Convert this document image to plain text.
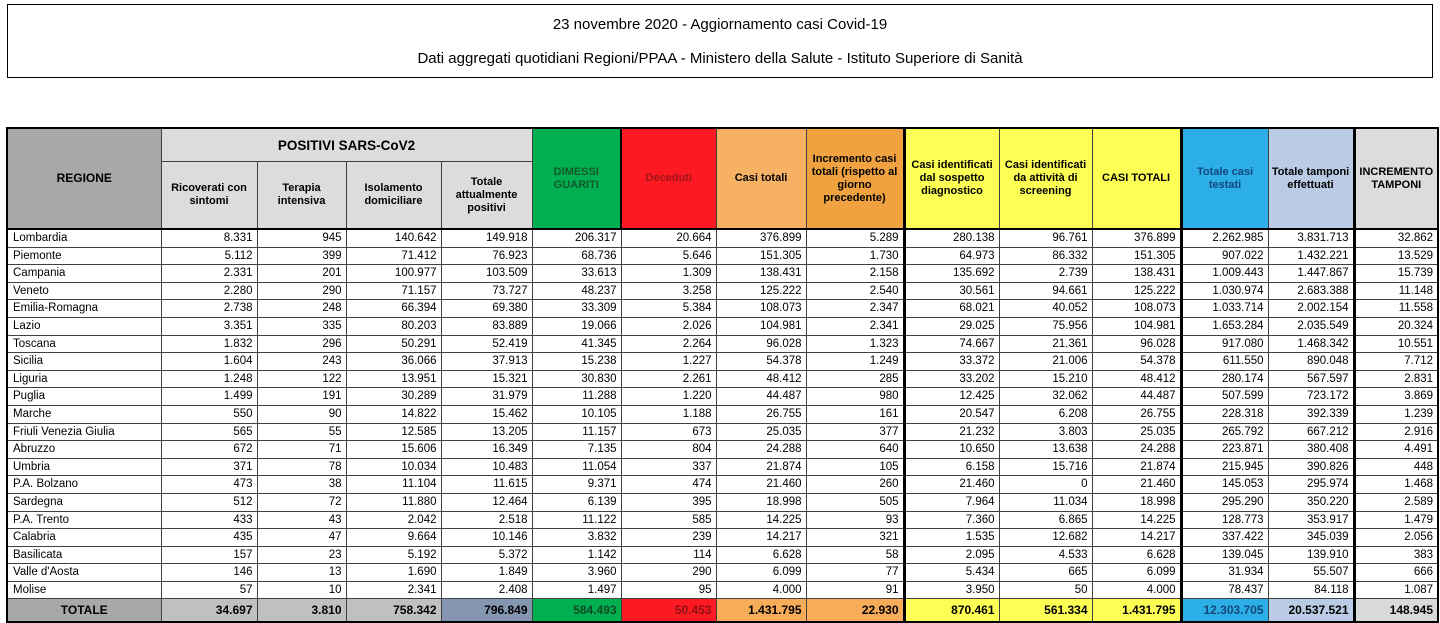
23 novembre 2020 - Aggiornamento casi Covid-19
Dati aggregati quotidiani Regioni/PPAA - Ministero della Salute - Istituto Superiore di Sanità
REGIONE	POSITIVI SARS-CoV2				DIMESSI GUARITI	Deceduti	Casi totali	Incremento casi totali (rispetto al giorno precedente)	Casi identificati dal sospetto diagnostico	Casi identificati da attività di screening	CASI TOTALI	Totale casi testati	Totale tamponi effettuati	INCREMENTO TAMPONI
	Ricoverati con sintomi	Terapia intensiva	Isolamento domiciliare	Totale attualmente positivi										
Lombardia	8.331	945	140.642	149.918	206.317	20.664	376.899	5.289	280.138	96.761	376.899	2.262.985	3.831.713	32.862
Piemonte	5.112	399	71.412	76.923	68.736	5.646	151.305	1.730	64.973	86.332	151.305	907.022	1.432.221	13.529
Campania	2.331	201	100.977	103.509	33.613	1.309	138.431	2.158	135.692	2.739	138.431	1.009.443	1.447.867	15.739
Veneto	2.280	290	71.157	73.727	48.237	3.258	125.222	2.540	30.561	94.661	125.222	1.030.974	2.683.388	11.148
Emilia-Romagna	2.738	248	66.394	69.380	33.309	5.384	108.073	2.347	68.021	40.052	108.073	1.033.714	2.002.154	11.558
Lazio	3.351	335	80.203	83.889	19.066	2.026	104.981	2.341	29.025	75.956	104.981	1.653.284	2.035.549	20.324
Toscana	1.832	296	50.291	52.419	41.345	2.264	96.028	1.323	74.667	21.361	96.028	917.080	1.468.342	10.551
Sicilia	1.604	243	36.066	37.913	15.238	1.227	54.378	1.249	33.372	21.006	54.378	611.550	890.048	7.712
Liguria	1.248	122	13.951	15.321	30.830	2.261	48.412	285	33.202	15.210	48.412	280.174	567.597	2.831
Puglia	1.499	191	30.289	31.979	11.288	1.220	44.487	980	12.425	32.062	44.487	507.599	723.172	3.869
Marche	550	90	14.822	15.462	10.105	1.188	26.755	161	20.547	6.208	26.755	228.318	392.339	1.239
Friuli Venezia Giulia	565	55	12.585	13.205	11.157	673	25.035	377	21.232	3.803	25.035	265.792	667.212	2.916
Abruzzo	672	71	15.606	16.349	7.135	804	24.288	640	10.650	13.638	24.288	223.871	380.408	4.491
Umbria	371	78	10.034	10.483	11.054	337	21.874	105	6.158	15.716	21.874	215.945	390.826	448
P.A. Bolzano	473	38	11.104	11.615	9.371	474	21.460	260	21.460	0	21.460	145.053	295.974	1.468
Sardegna	512	72	11.880	12.464	6.139	395	18.998	505	7.964	11.034	18.998	295.290	350.220	2.589
P.A. Trento	433	43	2.042	2.518	11.122	585	14.225	93	7.360	6.865	14.225	128.773	353.917	1.479
Calabria	435	47	9.664	10.146	3.832	239	14.217	321	1.535	12.682	14.217	337.422	345.039	2.056
Basilicata	157	23	5.192	5.372	1.142	114	6.628	58	2.095	4.533	6.628	139.045	139.910	383
Valle d'Aosta	146	13	1.690	1.849	3.960	290	6.099	77	5.434	665	6.099	31.934	55.507	666
Molise	57	10	2.341	2.408	1.497	95	4.000	91	3.950	50	4.000	78.437	84.118	1.087
TOTALE	34.697	3.810	758.342	796.849	584.493	50.453	1.431.795	22.930	870.461	561.334	1.431.795	12.303.705	20.537.521	148.945
